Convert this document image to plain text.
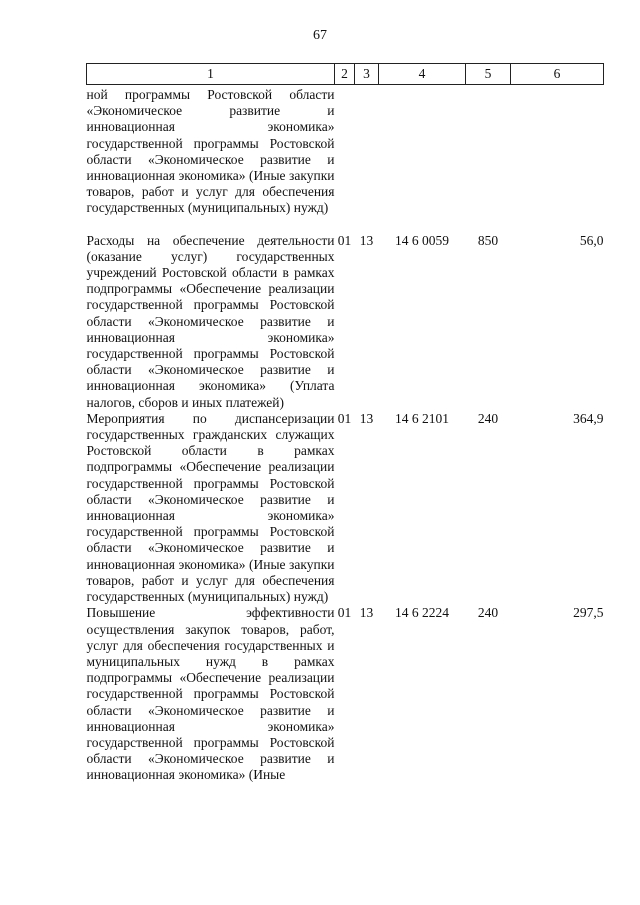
67
1	2	3	4	5	6
ной программы Ростовской области «Экономическое развитие и инновационная экономика» государственной программы Ростовской области «Экономическое развитие и инновационная экономика» (Иные закупки товаров, работ и услуг для обеспечения государственных (муниципальных) нужд)					
Расходы на обеспечение деятельности (оказание услуг) государственных учреждений Ростовской области в рамках подпрограммы «Обеспечение реализации государственной программы Ростовской области «Экономическое развитие и инновационная экономика» государственной программы Ростовской области «Экономическое развитие и инновационная экономика» (Уплата налогов, сборов и иных платежей)	01	13	14 6 0059	850	56,0
Мероприятия по диспансеризации государственных гражданских служащих Ростовской области в рамках подпрограммы «Обеспечение реализации государственной программы Ростовской области «Экономическое развитие и инновационная экономика» государственной программы Ростовской области «Экономическое развитие и инновационная экономика» (Иные закупки товаров, работ и услуг для обеспечения государственных (муниципальных) нужд)	01	13	14 6 2101	240	364,9
Повышение эффективности осуществления закупок товаров, работ, услуг для обеспечения государственных и муниципальных нужд в рамках подпрограммы «Обеспечение реализации государственной программы Ростовской области «Экономическое развитие и инновационная экономика» государственной программы Ростовской области «Экономическое развитие и инновационная экономика» (Иные	01	13	14 6 2224	240	297,5
